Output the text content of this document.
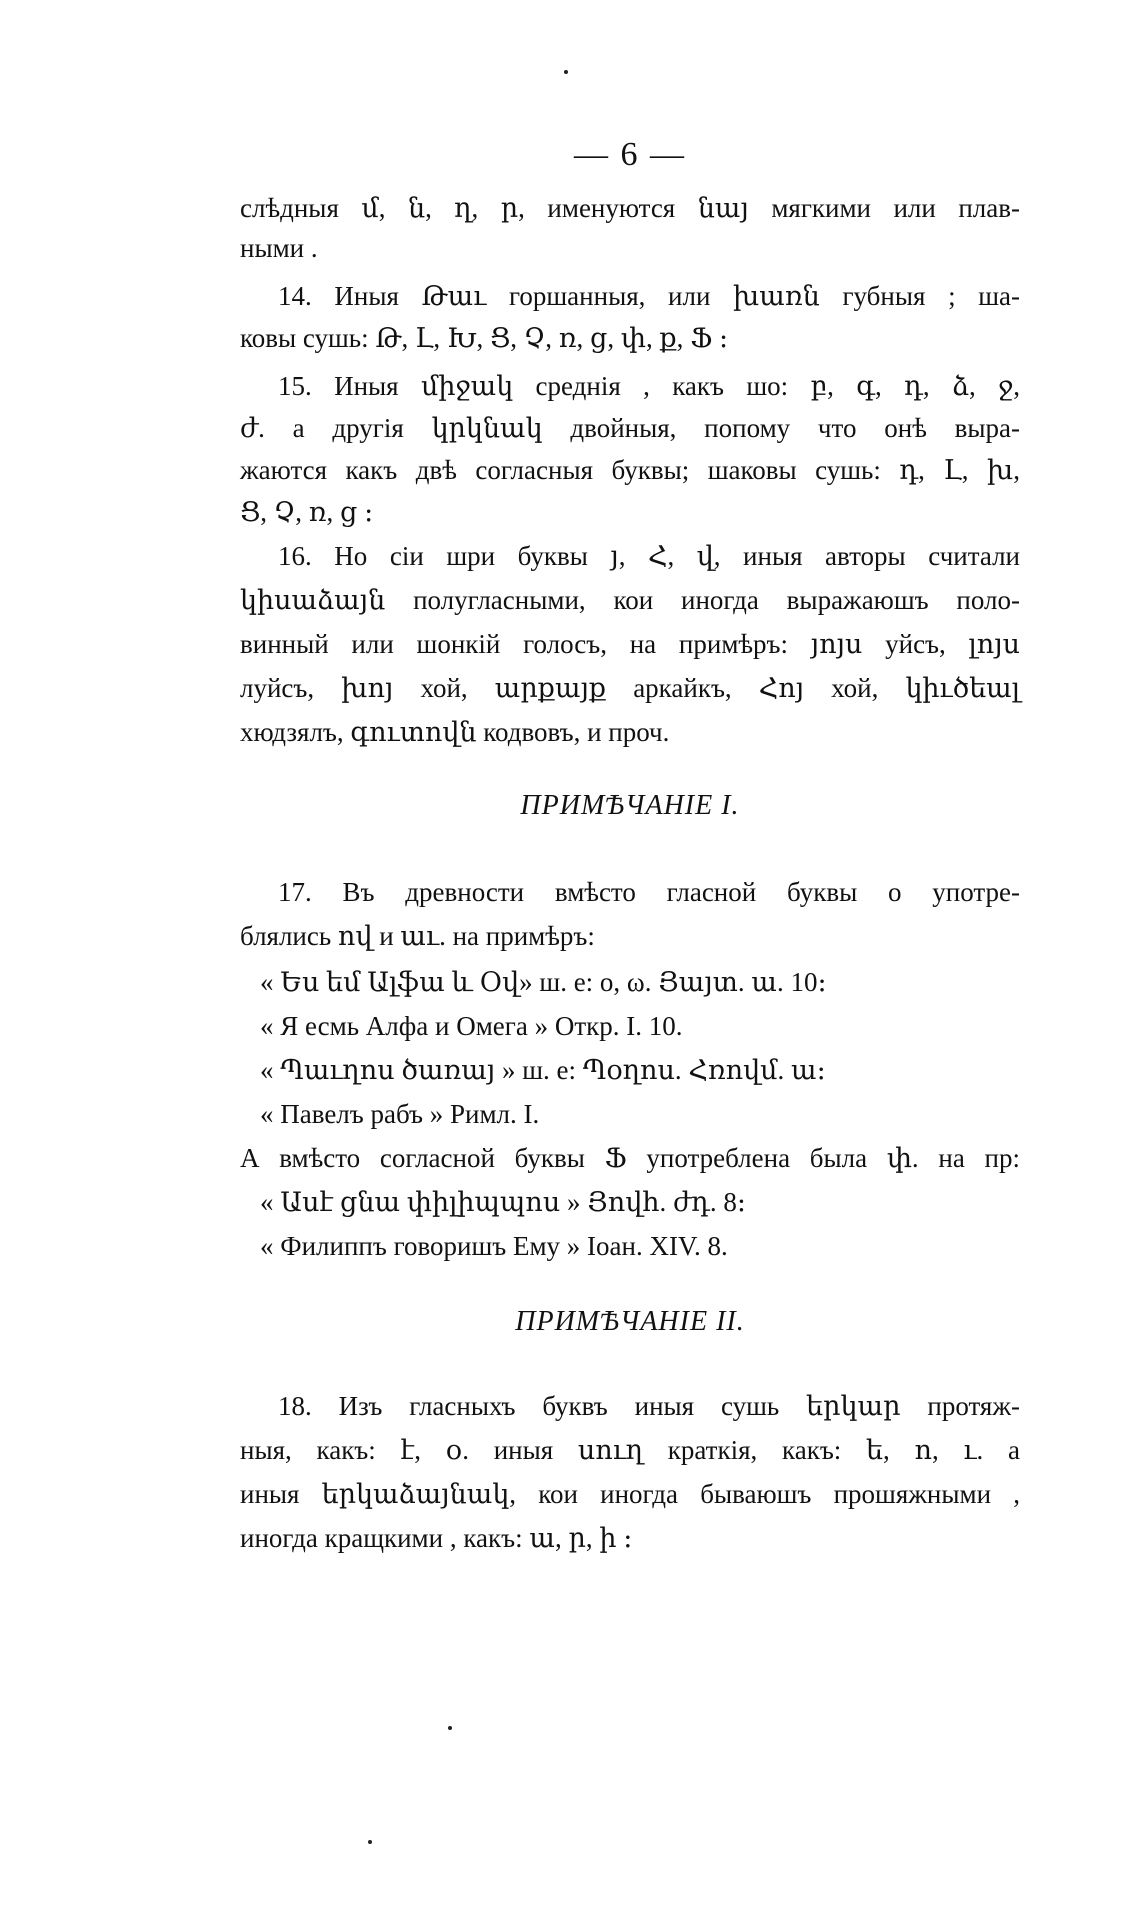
— 6 —
слѣдныя մ, ն, ղ, ր, именуются նայ мягкими или плав-
ными .
14. Иныя Թաւ горшанныя, или խառն губныя ; ша-
ковы сушь: Թ, Լ, Խ, Ց, Չ, ռ, ց, փ, ք, Ֆ ։
15. Иныя միջակ среднія , какъ шо: բ, գ, դ, ձ, ջ,
ժ. а другія կրկնակ двойныя, попому что онѣ выра-
жаются какъ двѣ согласныя буквы; шаковы сушь: դ, Լ, խ,
Ց, Չ, ռ, ց ։
16. Но сіи шри буквы յ, Հ, վ, иныя авторы считали
կիսաձայն полугласными, кои иногда выражаюшъ поло-
винный или шонкій голосъ, на примѣръ: յոյս уйсъ, լոյս
луйсъ, խոյ хой, արքայք аркайкъ, Հոյ хой, կիւծեալ
хюдзялъ, գուտովն кодвовъ, и проч.
ПРИМѢЧАНІЕ I.
17. Въ древности вмѣсто гласной буквы о употре-
блялись ով и աւ. на примѣръ:
« Ես եմ Ալֆա և Օվ» ш. е: о, ω. Յայտ. ա. 10։
« Я есмь Алфа и Омега » Откр. I. 10.
« Պաւղոս ծառայ » ш. е: Պօղոս. Հռովմ. ա։
« Павелъ рабъ » Римл. I.
А вмѣсто согласной буквы Ֆ употреблена была փ. на пр:
« Ասէ ցնա փիլիպպոս » Յովհ. ժդ. 8։
« Филиппъ говоришъ Ему » Іоан. XIV. 8.
ПРИМѢЧАНІЕ II.
18. Изъ гласныхъ буквъ иныя сушь երկար протяж-
ныя, какъ: է, օ. иныя սուղ краткія, какъ: ե, ո, ւ. а
иныя երկաձայնակ, кои иногда бываюшъ прошяжными ,
иногда кращкими , какъ: ա, ր, ի ։
